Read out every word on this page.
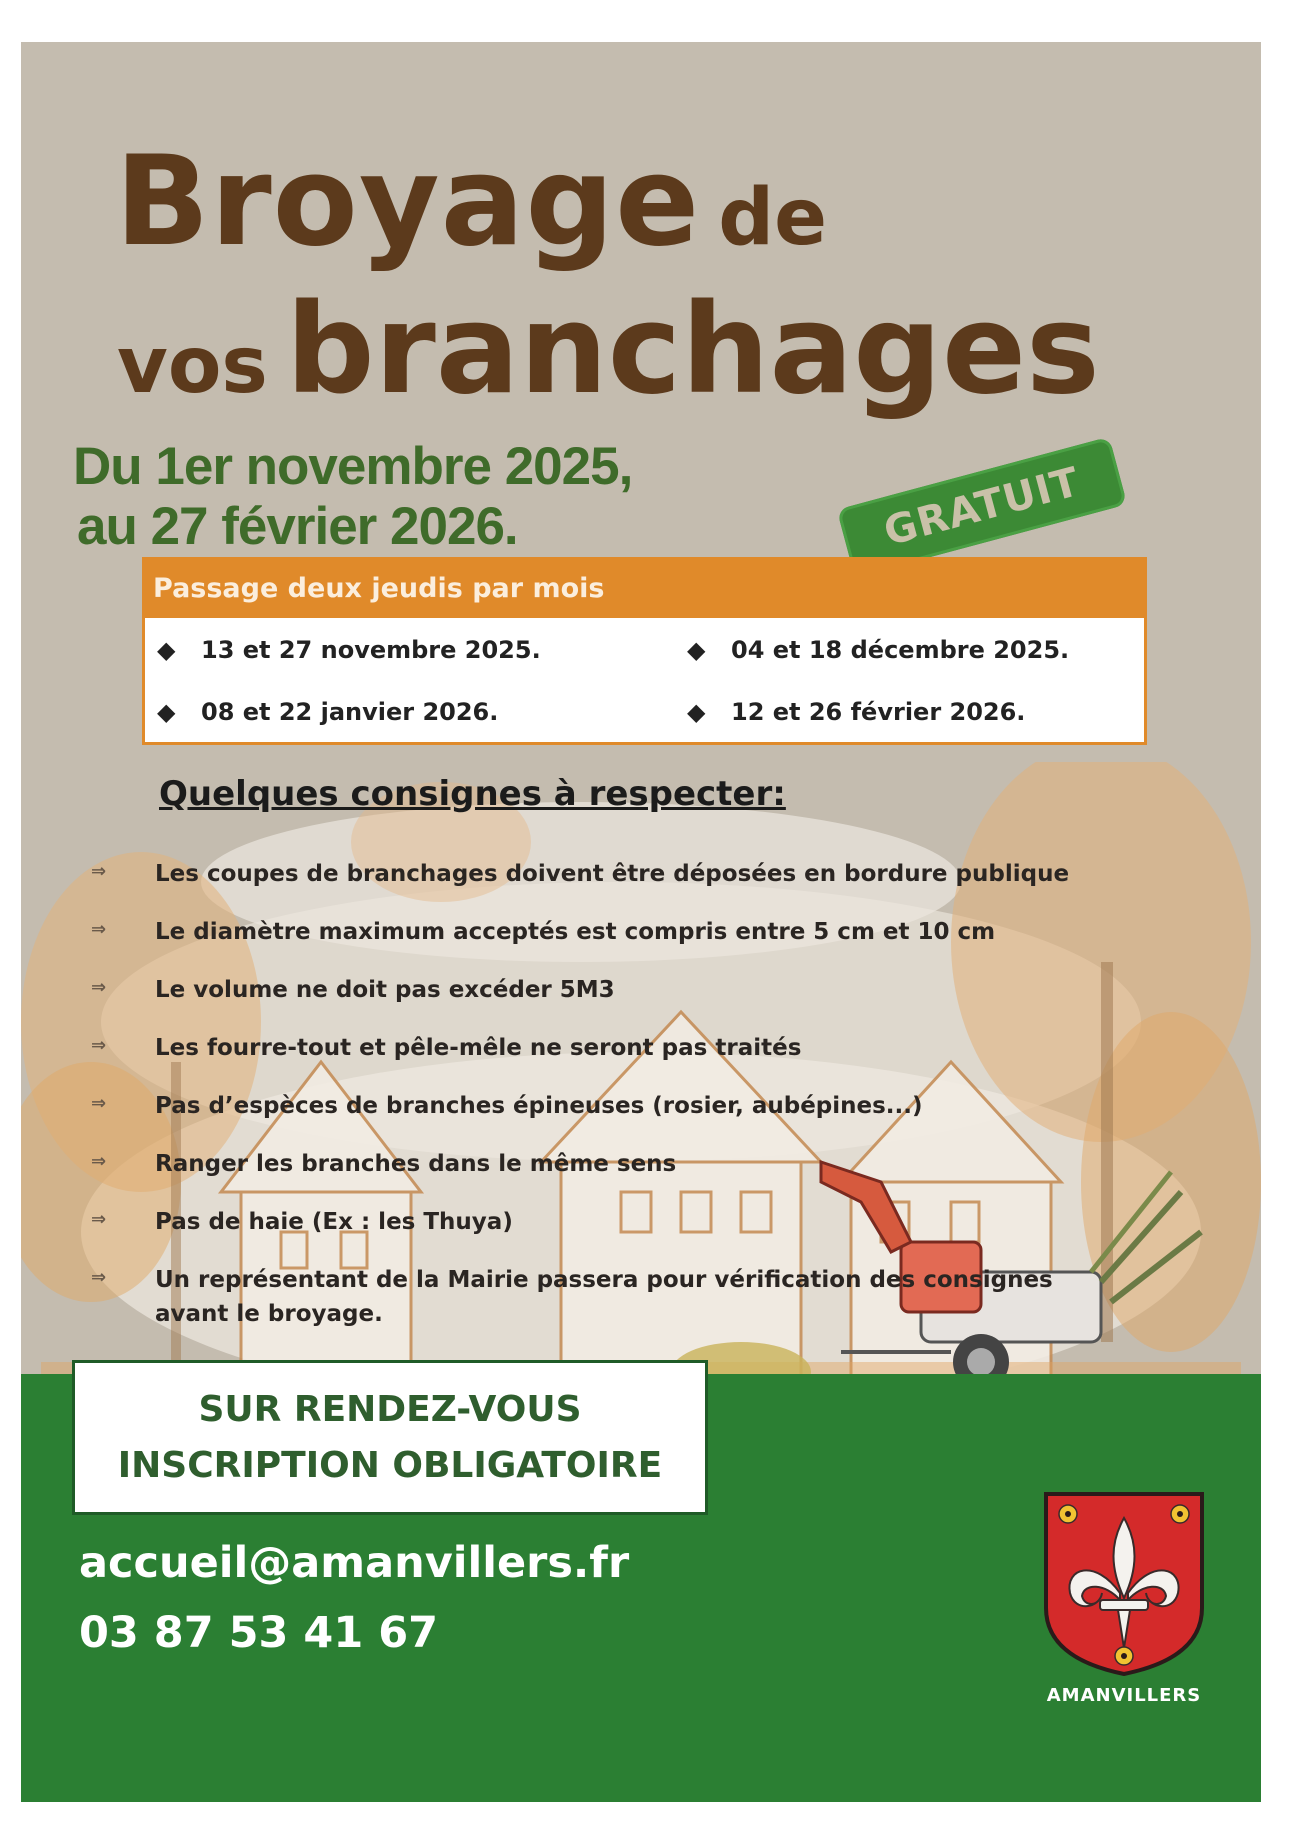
Broyage de
vos branchages
Du 1er novembre 2025,
au 27 février 2026.	GRATUIT
Passage deux jeudis par mois
◆ 13 et 27 novembre 2025.	◆ 04 et 18 décembre 2025.
◆ 08 et 22 janvier 2026.	◆ 12 et 26 février 2026.
Quelques consignes à respecter:
⇒ Les coupes de branchages doivent être déposées en bordure publique
⇒ Le diamètre maximum acceptés est compris entre 5 cm et 10 cm
⇒ Le volume ne doit pas excéder 5M3
⇒ Les fourre-tout et pêle-mêle ne seront pas traités
⇒ Pas d’espèces de branches épineuses (rosier, aubépines...)
⇒ Ranger les branches dans le même sens
⇒ Pas de haie (Ex : les Thuya)
⇒ Un représentant de la Mairie passera pour vérification des consignes
avant le broyage.
SUR RENDEZ-VOUS
INSCRIPTION OBLIGATOIRE
accueil@amanvillers.fr
03 87 53 41 67
AMANVILLERS
